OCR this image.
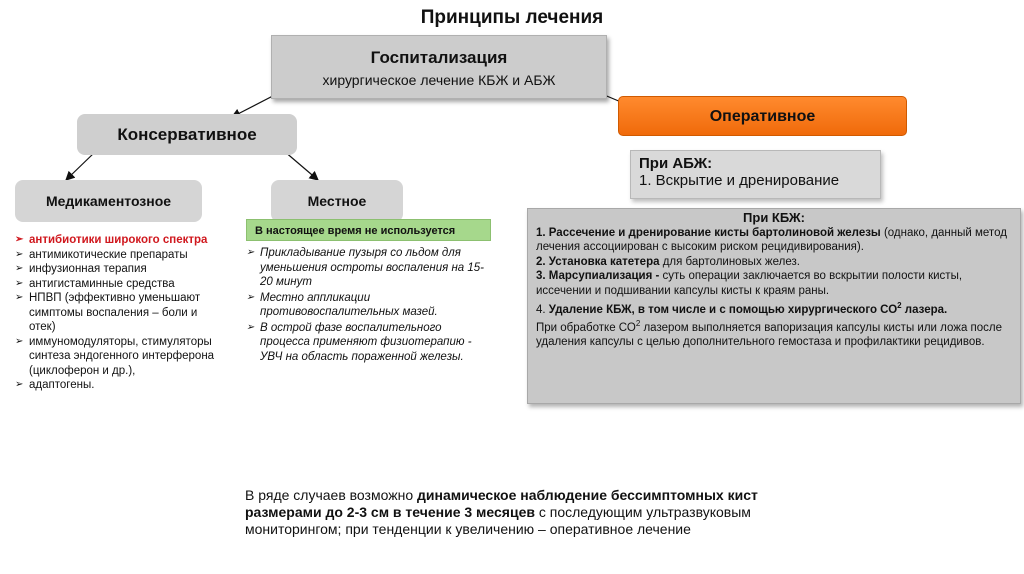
Принципы лечения
Госпитализация
хирургическое лечение КБЖ и АБЖ
Консервативное
Оперативное
Медикаментозное	Местное
В настоящее время не используется
➢ антибиотики широкого спектра
➢ антимикотические препараты
➢ инфузионная терапия
➢ антигистаминные средства
➢ НПВП (эффективно уменьшают симптомы воспаления – боли и отек)
➢ иммуномодуляторы, стимуляторы синтеза эндогенного интерферона (циклоферон и др.),
➢ адаптогены.
➢ Прикладывание пузыря со льдом для уменьшения остроты воспаления на 15-20 минут
➢ Местно аппликации противовоспалительных мазей.
➢ В острой фазе воспалительного процесса применяют физиотерапию - УВЧ на область пораженной железы.
При АБЖ:
1. Вскрытие и дренирование
При КБЖ:
1. Рассечение и дренирование кисты бартолиновой железы (однако, данный метод лечения ассоциирован с высоким риском рецидивирования).
2. Установка катетера для бартолиновых желез.
3. Марсупиализация - суть операции заключается во вскрытии полости кисты, иссечении и подшивании капсулы кисты к краям раны.
4. Удаление КБЖ, в том числе и с помощью хирургического $СО^2$ лазера.
При обработке $СО^2$ лазером выполняется вапоризация капсулы кисты или ложа после удаления капсулы с целью дополнительного гемостаза и профилактики рецидивов.
В ряде случаев возможно динамическое наблюдение бессимптомных кист размерами до 2-3 см в течение 3 месяцев с последующим ультразвуковым мониторингом; при тенденции к увеличению – оперативное лечение
